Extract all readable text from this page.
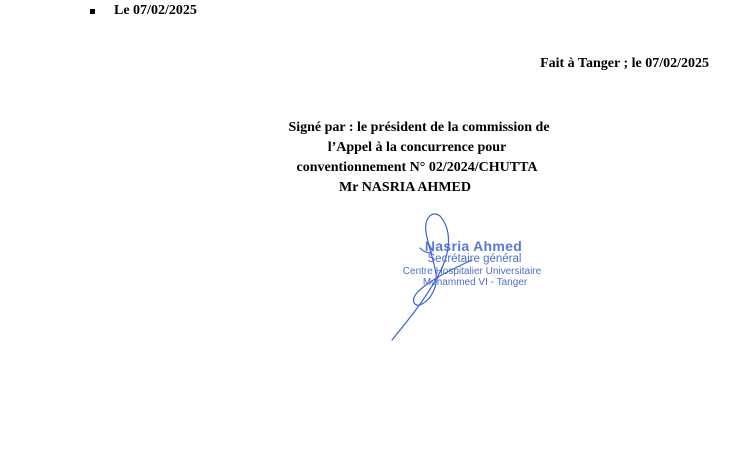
Le 07/02/2025
Fait à Tanger ; le 07/02/2025
Signé par : le président de la commission de
l’Appel à la concurrence pour
conventionnement N° 02/2024/CHUTTA
Mr NASRIA AHMED
Nasria Ahmed
Secrétaire général
Centre Hospitalier Universitaire
Mohammed VI - Tanger
